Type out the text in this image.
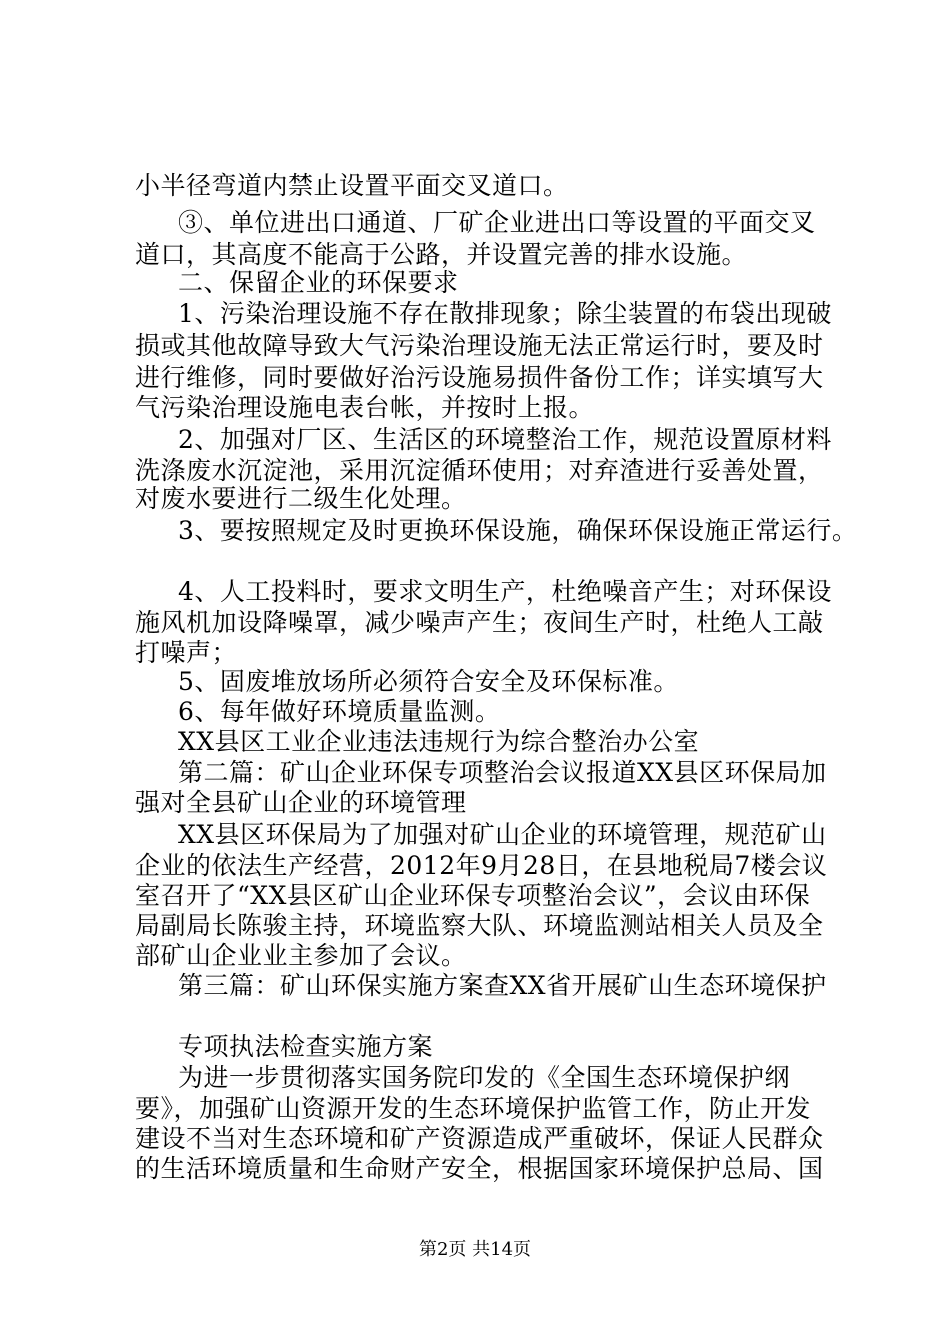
小半径弯道内禁止设置平面交叉道口。
③、单位进出口通道、厂矿企业进出口等设置的平面交叉
道口，其高度不能高于公路，并设置完善的排水设施。
二、保留企业的环保要求
1、污染治理设施不存在散排现象；除尘装置的布袋出现破
损或其他故障导致大气污染治理设施无法正常运行时，要及时
进行维修，同时要做好治污设施易损件备份工作；详实填写大
气污染治理设施电表台帐，并按时上报。
2、加强对厂区、生活区的环境整治工作，规范设置原材料
洗涤废水沉淀池，采用沉淀循环使用；对弃渣进行妥善处置，
对废水要进行二级生化处理。
3、要按照规定及时更换环保设施，确保环保设施正常运行。
4、人工投料时，要求文明生产，杜绝噪音产生；对环保设
施风机加设降噪罩，减少噪声产生；夜间生产时，杜绝人工敲
打噪声；
5、固废堆放场所必须符合安全及环保标准。
6、每年做好环境质量监测。
XX县区工业企业违法违规行为综合整治办公室
第二篇：矿山企业环保专项整治会议报道XX县区环保局加
强对全县矿山企业的环境管理
XX县区环保局为了加强对矿山企业的环境管理，规范矿山
企业的依法生产经营，2012年9月28日，在县地税局7楼会议
室召开了“XX县区矿山企业环保专项整治会议”，会议由环保
局副局长陈骏主持，环境监察大队、环境监测站相关人员及全
部矿山企业业主参加了会议。
第三篇：矿山环保实施方案查XX省开展矿山生态环境保护
专项执法检查实施方案
为进一步贯彻落实国务院印发的《全国生态环境保护纲
要》，加强矿山资源开发的生态环境保护监管工作，防止开发
建设不当对生态环境和矿产资源造成严重破坏，保证人民群众
的生活环境质量和生命财产安全，根据国家环境保护总局、国
第2页 共14页
